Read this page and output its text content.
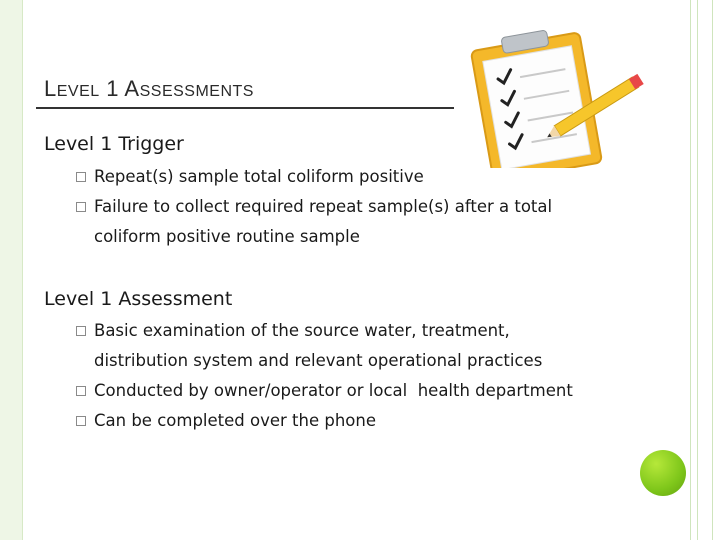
LEVEL 1 ASSESSMENTS
Level 1 Trigger
Repeat(s) sample total coliform positive
Failure to collect required repeat sample(s) after a total
coliform positive routine sample
Level 1 Assessment
Basic examination of the source water, treatment,
distribution system and relevant operational practices
Conducted by owner/operator or local  health department
Can be completed over the phone
